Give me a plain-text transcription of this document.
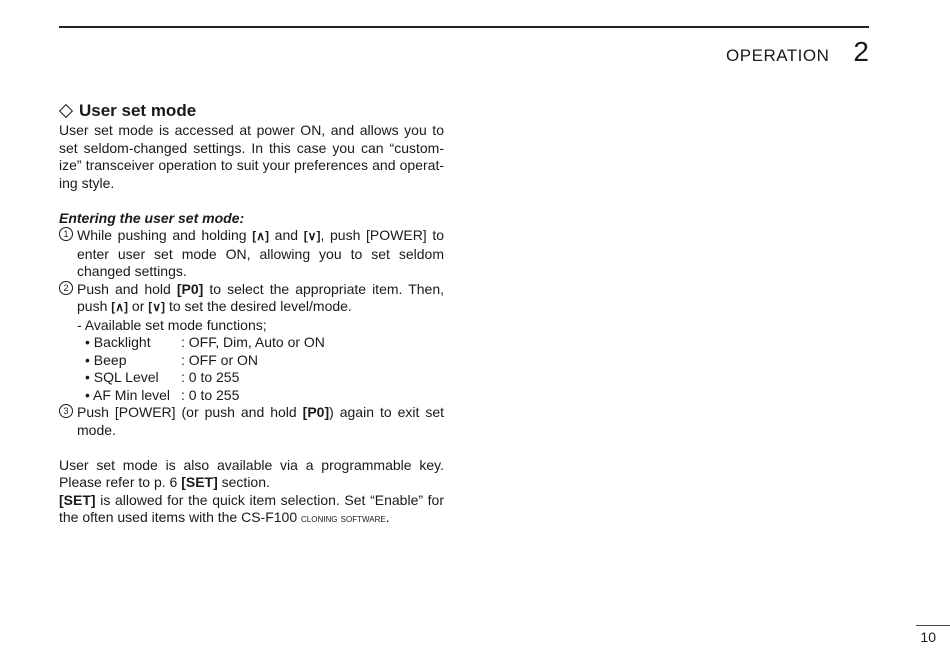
OPERATION 2
User set mode
User set mode is accessed at power ON, and allows you to set seldom-changed settings. In this case you can “custom- ize” transceiver operation to suit your preferences and operat- ing style.
Entering the user set mode:
1 While pushing and holding [∧] and [∨], push [POWER] to enter user set mode ON, allowing you to set seldom changed settings.
2 Push and hold [P0] to select the appropriate item. Then, push [∧] or [∨] to set the desired level/mode.
- Available set mode functions;
• Backlight	: OFF, Dim, Auto or ON
• Beep	: OFF or ON
• SQL Level	: 0 to 255
• AF Min level : 0 to 255
3 Push [POWER] (or push and hold [P0]) again to exit set mode.
User set mode is also available via a programmable key. Please refer to p. 6 [SET] section.
[SET] is allowed for the quick item selection. Set “Enable” for the often used items with the CS-F100 cloning software.
10
